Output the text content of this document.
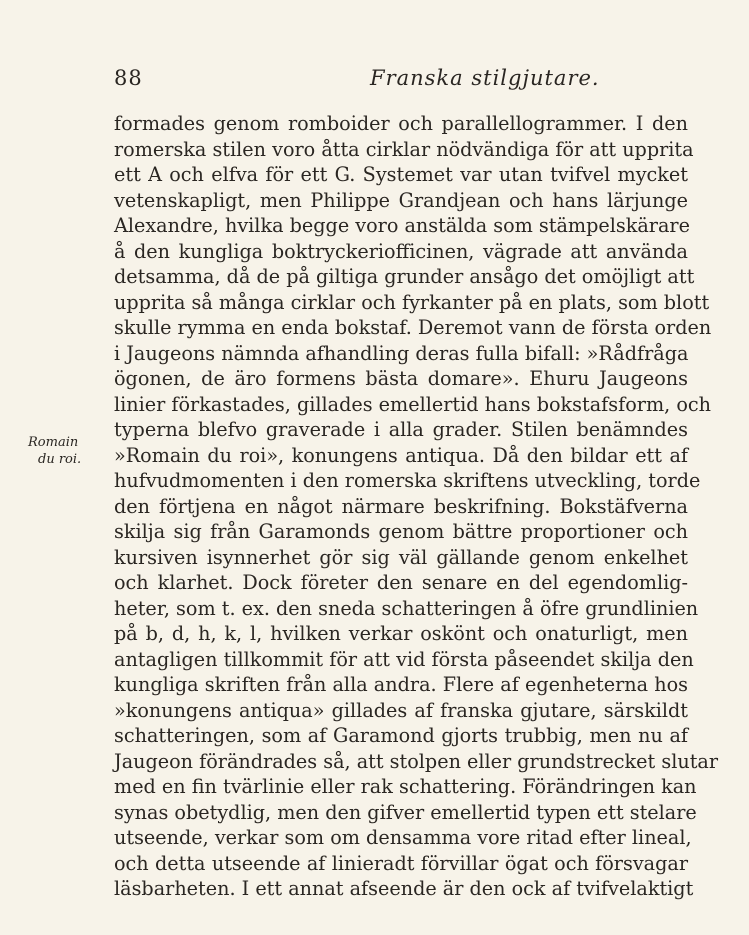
88	Franska stilgjutare.
Romain
du roi.
formades genom romboider och parallellogrammer. I den
romerska stilen voro åtta cirklar nödvändiga för att uppritа
ett A och elfva för ett G. Systemet var utan tvifvel mycket
vetenskapligt, men Philippe Grandjean och hans lärjunge
Alexandre, hvilka begge voro anstälda som stämpelskärare
å den kungliga boktryckeriofficinen, vägrade att använda
detsamma, då de på giltiga grunder ansågo det omöjligt att
upprita så många cirklar och fyrkanter på en plats, som blott
skulle rymma en enda bokstaf. Deremot vann de första orden
i Jaugeons nämnda afhandling deras fulla bifall: »Rådfråga
ögonen, de äro formens bästa domare». Ehuru Jaugeons
linier förkastades, gillades emellertid hans bokstafsform, och
typerna blefvo graverade i alla grader. Stilen benämndes
»Romain du roi», konungens antiqua. Då den bildar ett af
hufvudmomenten i den romerska skriftens utveckling, torde
den förtjena en något närmare beskrifning. Bokstäfverna
skilja sig från Garamonds genom bättre proportioner och
kursiven isynnerhet gör sig väl gällande genom enkelhet
och klarhet. Dock företer den senare en del egendomlig-
heter, som t. ex. den sneda schatteringen å öfre grundlinien
på b, d, h, k, l, hvilken verkar oskönt och onaturligt, men
antagligen tillkommit för att vid första påseendet skilja den
kungliga skriften från alla andra. Flere af egenheterna hos
»konungens antiqua» gillades af franska gjutare, särskildt
schatteringen, som af Garamond gjorts trubbig, men nu af
Jaugeon förändrades så, att stolpen eller grundstrecket slutar
med en fin tvärlinie eller rak schattering. Förändringen kan
synas obetydlig, men den gifver emellertid typen ett stelare
utseende, verkar som om densamma vore ritad efter lineal,
och detta utseende af linieradt förvillar ögat och försvagar
läsbarheten. I ett annat afseende är den ock af tvifvelaktigt
